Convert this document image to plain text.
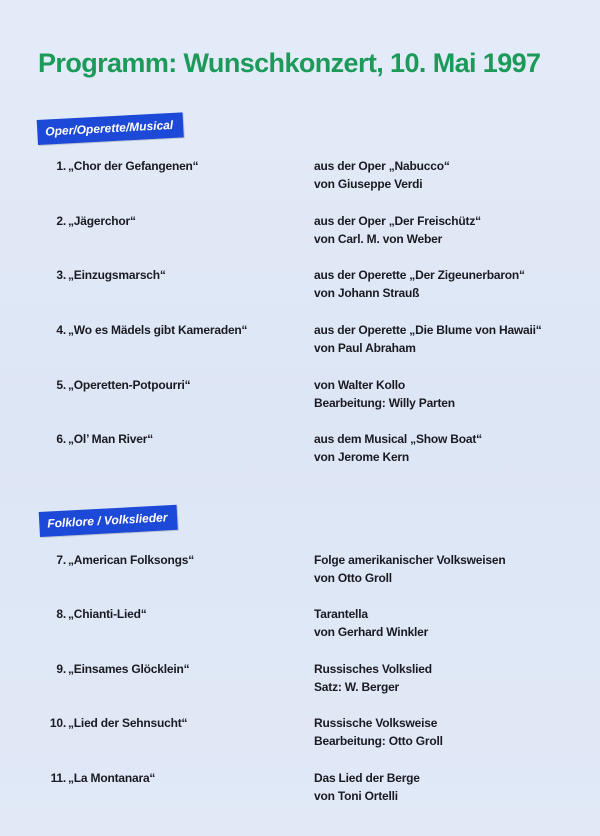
Programm: Wunschkonzert, 10. Mai 1997
Oper/Operette/Musical
1. „Chor der Gefangenen“	aus der Oper „Nabucco“
von Giuseppe Verdi
2. „Jägerchor“	aus der Oper „Der Freischütz“
von Carl. M. von Weber
3. „Einzugsmarsch“	aus der Operette „Der Zigeunerbaron“
von Johann Strauß
4. „Wo es Mädels gibt Kameraden“	aus der Operette „Die Blume von Hawaii“
von Paul Abraham
5. „Operetten-Potpourri“	von Walter Kollo
Bearbeitung: Willy Parten
6. „Ol’ Man River“	aus dem Musical „Show Boat“
von Jerome Kern
Folklore / Volkslieder
7. „American Folksongs“	Folge amerikanischer Volksweisen
von Otto Groll
8. „Chianti-Lied“	Tarantella
von Gerhard Winkler
9. „Einsames Glöcklein“	Russisches Volkslied
Satz: W. Berger
10. „Lied der Sehnsucht“	Russische Volksweise
Bearbeitung: Otto Groll
11. „La Montanara“	Das Lied der Berge
von Toni Ortelli
